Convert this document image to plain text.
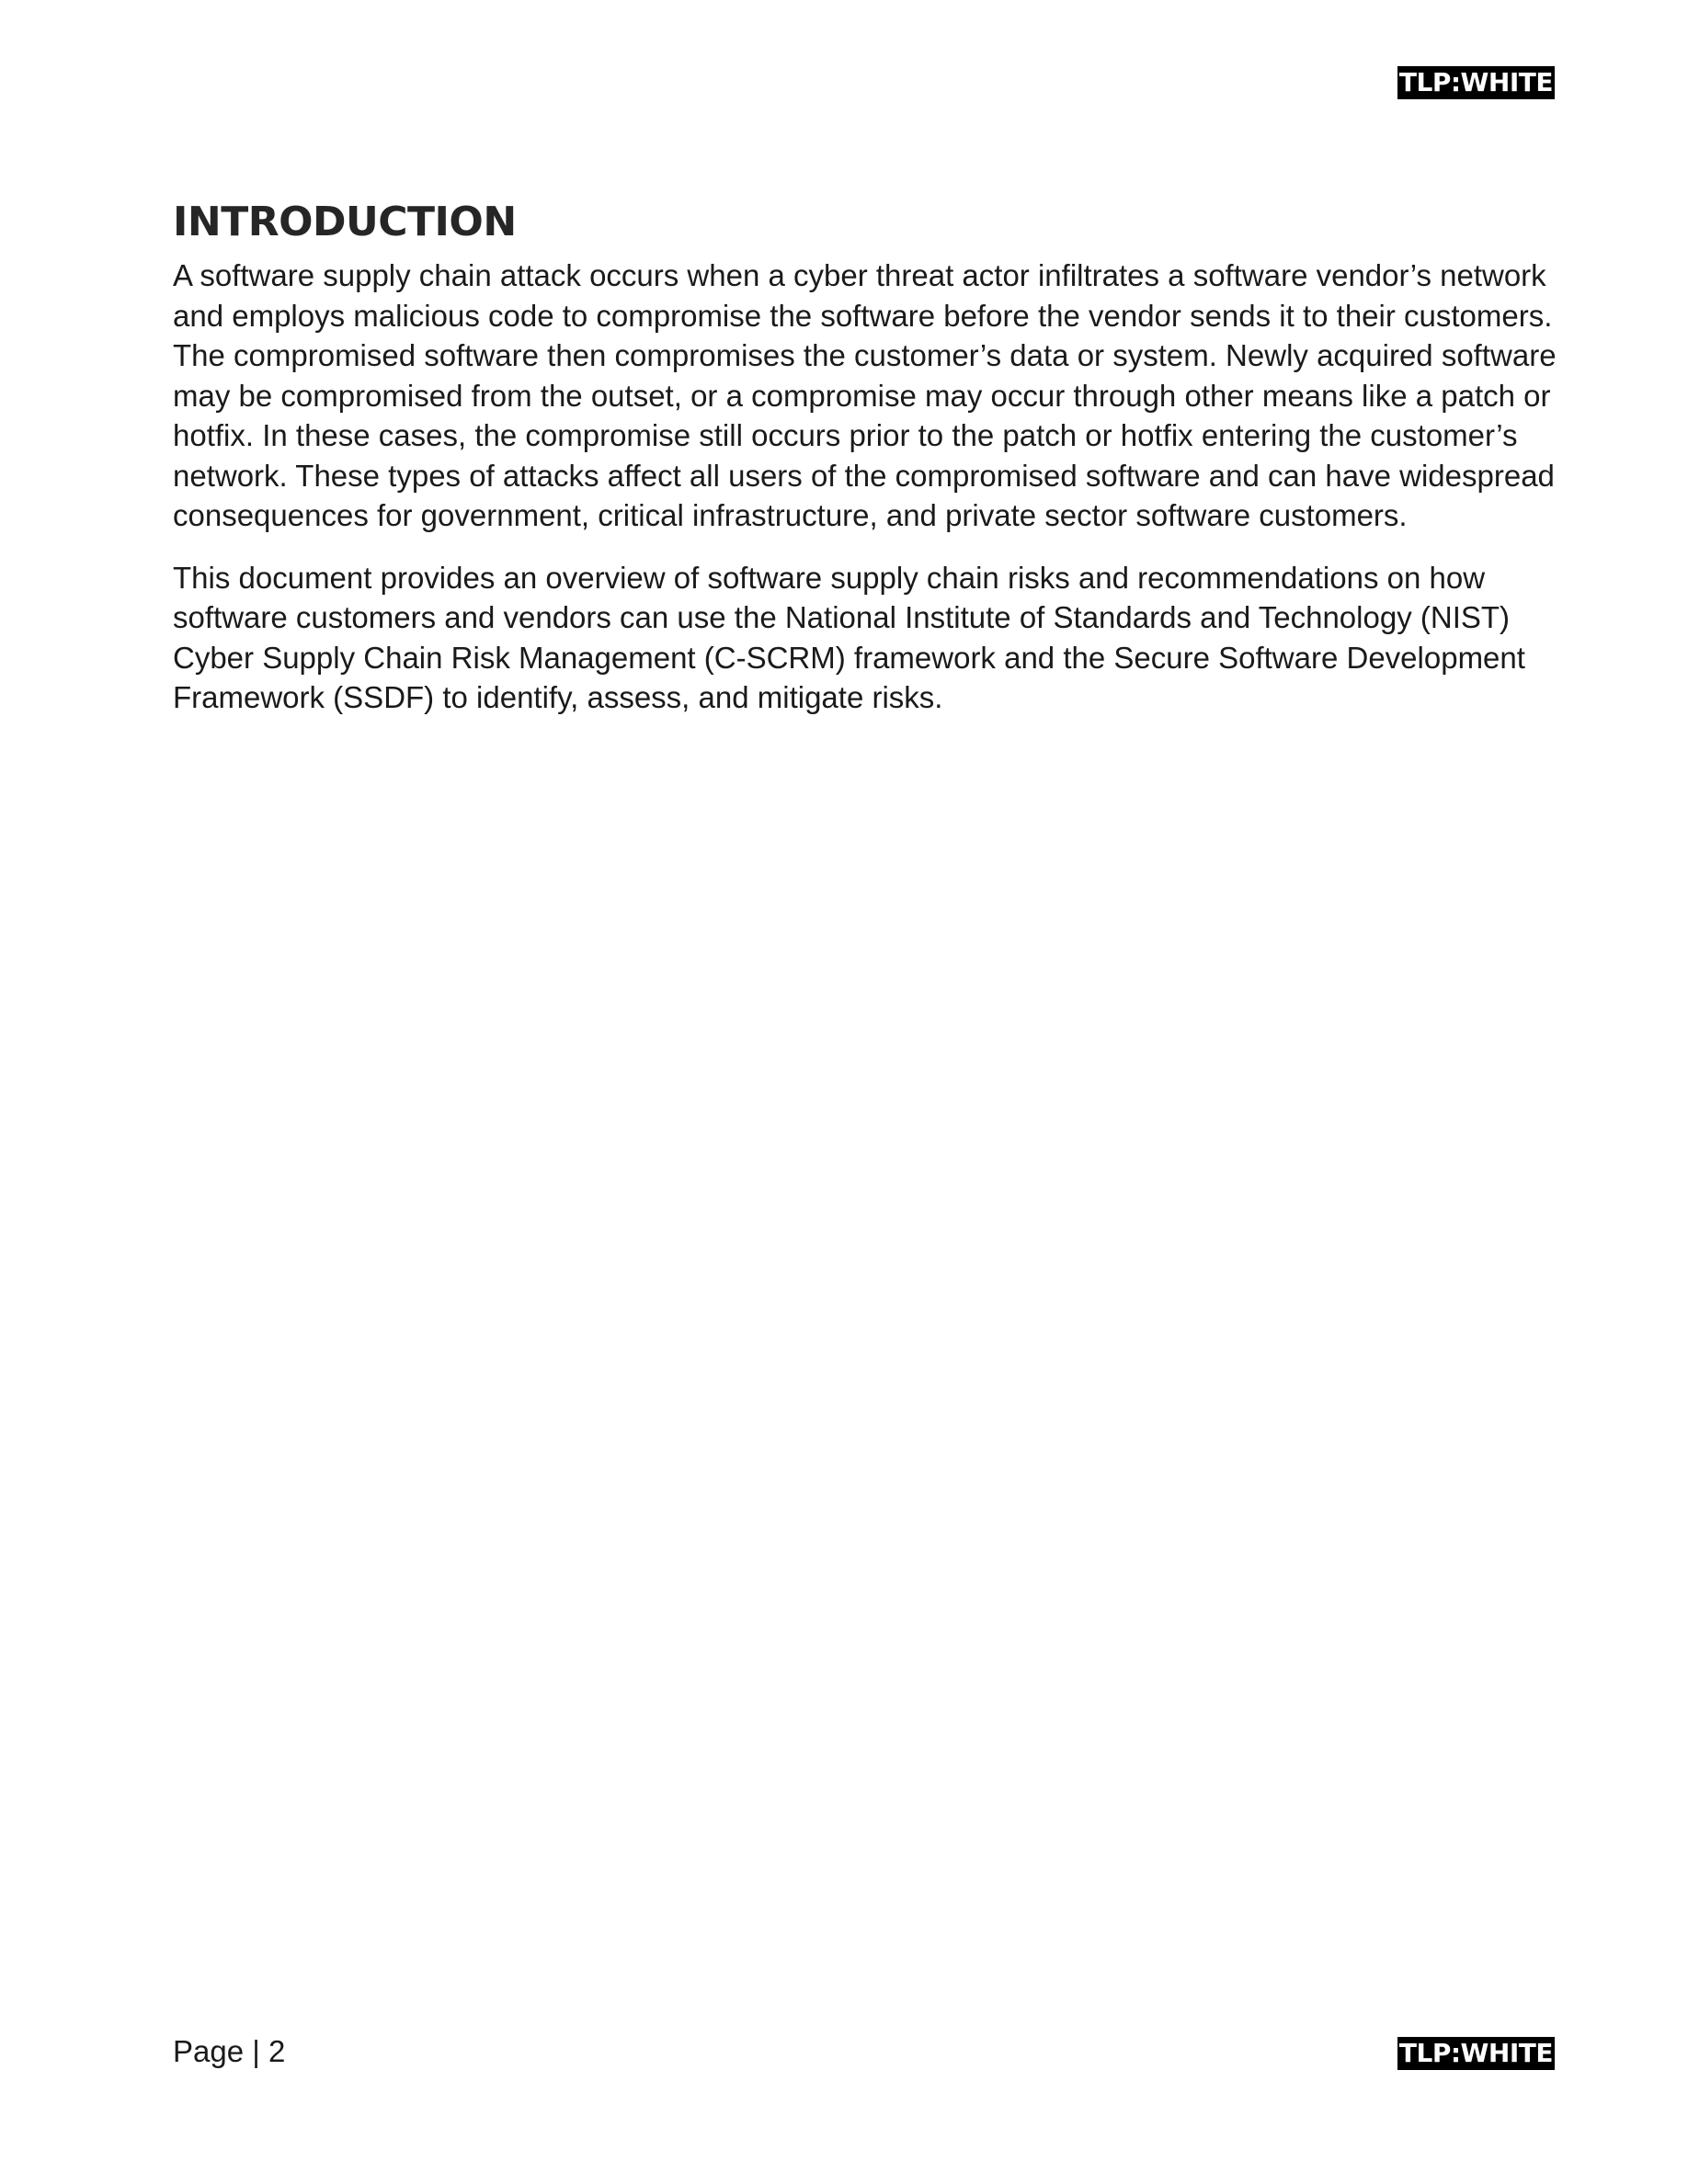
TLP:WHITE
INTRODUCTION

A software supply chain attack occurs when a cyber threat actor infiltrates a software vendor’s network
and employs malicious code to compromise the software before the vendor sends it to their customers.
The compromised software then compromises the customer’s data or system. Newly acquired software
may be compromised from the outset, or a compromise may occur through other means like a patch or
hotfix. In these cases, the compromise still occurs prior to the patch or hotfix entering the customer’s
network. These types of attacks affect all users of the compromised software and can have widespread
consequences for government, critical infrastructure, and private sector software customers.

This document provides an overview of software supply chain risks and recommendations on how
software customers and vendors can use the National Institute of Standards and Technology (NIST)
Cyber Supply Chain Risk Management (C-SCRM) framework and the Secure Software Development
Framework (SSDF) to identify, assess, and mitigate risks.

Page | 2	TLP:WHITE
